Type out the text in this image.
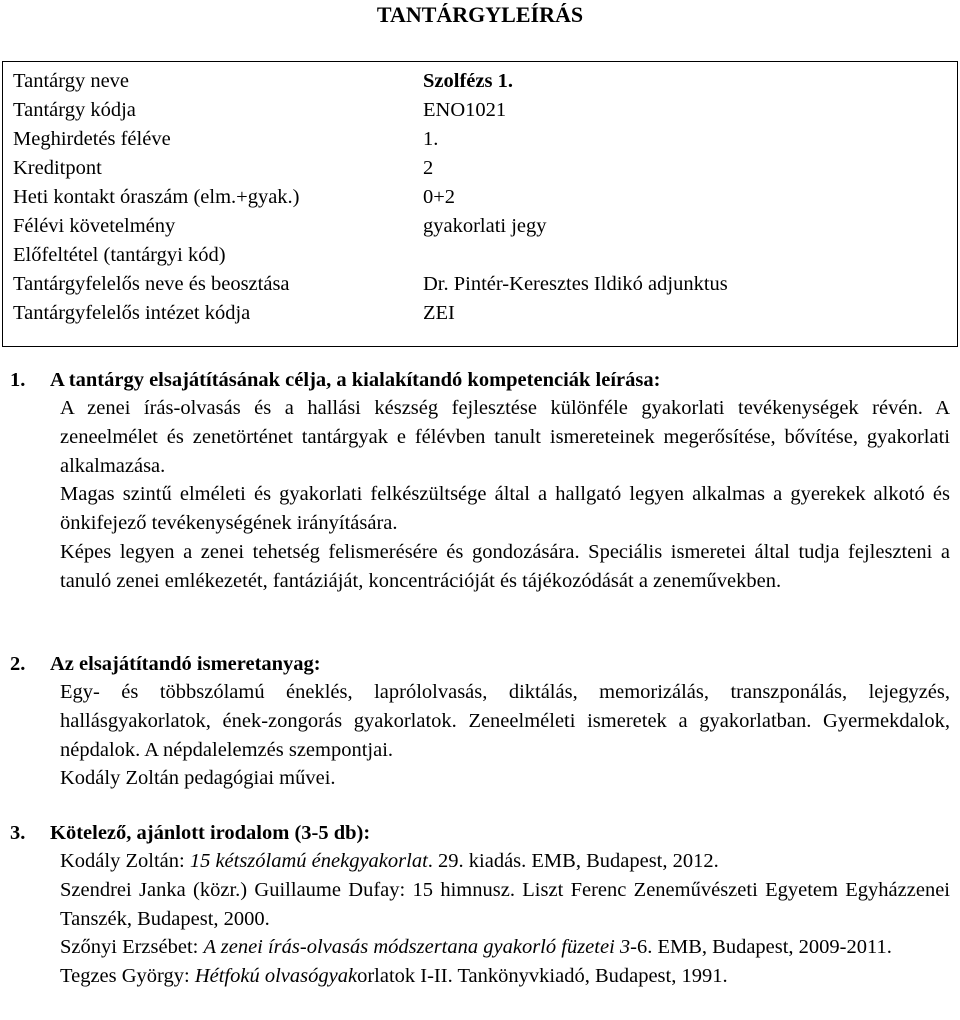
TANTÁRGYLEÍRÁS
Tantárgy neve	Szolfézs 1.
Tantárgy kódja	ENO1021
Meghirdetés féléve	1.
Kreditpont	2
Heti kontakt óraszám (elm.+gyak.)	0+2
Félévi követelmény	gyakorlati jegy
Előfeltétel (tantárgyi kód)
Tantárgyfelelős neve és beosztása	Dr. Pintér-Keresztes Ildikó adjunktus
Tantárgyfelelős intézet kódja	ZEI
1. A tantárgy elsajátításának célja, a kialakítandó kompetenciák leírása:

A zenei írás-olvasás és a hallási készség fejlesztése különféle gyakorlati tevékenységek révén. A zeneelmélet és zenetörténet tantárgyak e félévben tanult ismereteinek megerősítése, bővítése, gyakorlati alkalmazása.

Magas szintű elméleti és gyakorlati felkészültsége által a hallgató legyen alkalmas a gyerekek alkotó és önkifejező tevékenységének irányítására.

Képes legyen a zenei tehetség felismerésére és gondozására. Speciális ismeretei által tudja fejleszteni a tanuló zenei emlékezetét, fantáziáját, koncentrációját és tájékozódását a zeneművekben.

2. Az elsajátítandó ismeretanyag:

Egy- és többszólamú éneklés, laprólolvasás, diktálás, memorizálás, transzponálás, lejegyzés, hallásgyakorlatok, ének-zongorás gyakorlatok. Zeneelméleti ismeretek a gyakorlatban. Gyermekdalok, népdalok. A népdalelemzés szempontjai.

Kodály Zoltán pedagógiai művei.

3. Kötelező, ajánlott irodalom (3-5 db):

Kodály Zoltán: 15 kétszólamú énekgyakorlat. 29. kiadás. EMB, Budapest, 2012.

Szendrei Janka (közr.) Guillaume Dufay: 15 himnusz. Liszt Ferenc Zeneművészeti Egyetem Egyházzenei Tanszék, Budapest, 2000.

Szőnyi Erzsébet: A zenei írás-olvasás módszertana gyakorló füzetei 3-6. EMB, Budapest, 2009-2011.

Tegzes György: Hétfokú olvasógyakorlatok I-II. Tankönyvkiadó, Budapest, 1991.
